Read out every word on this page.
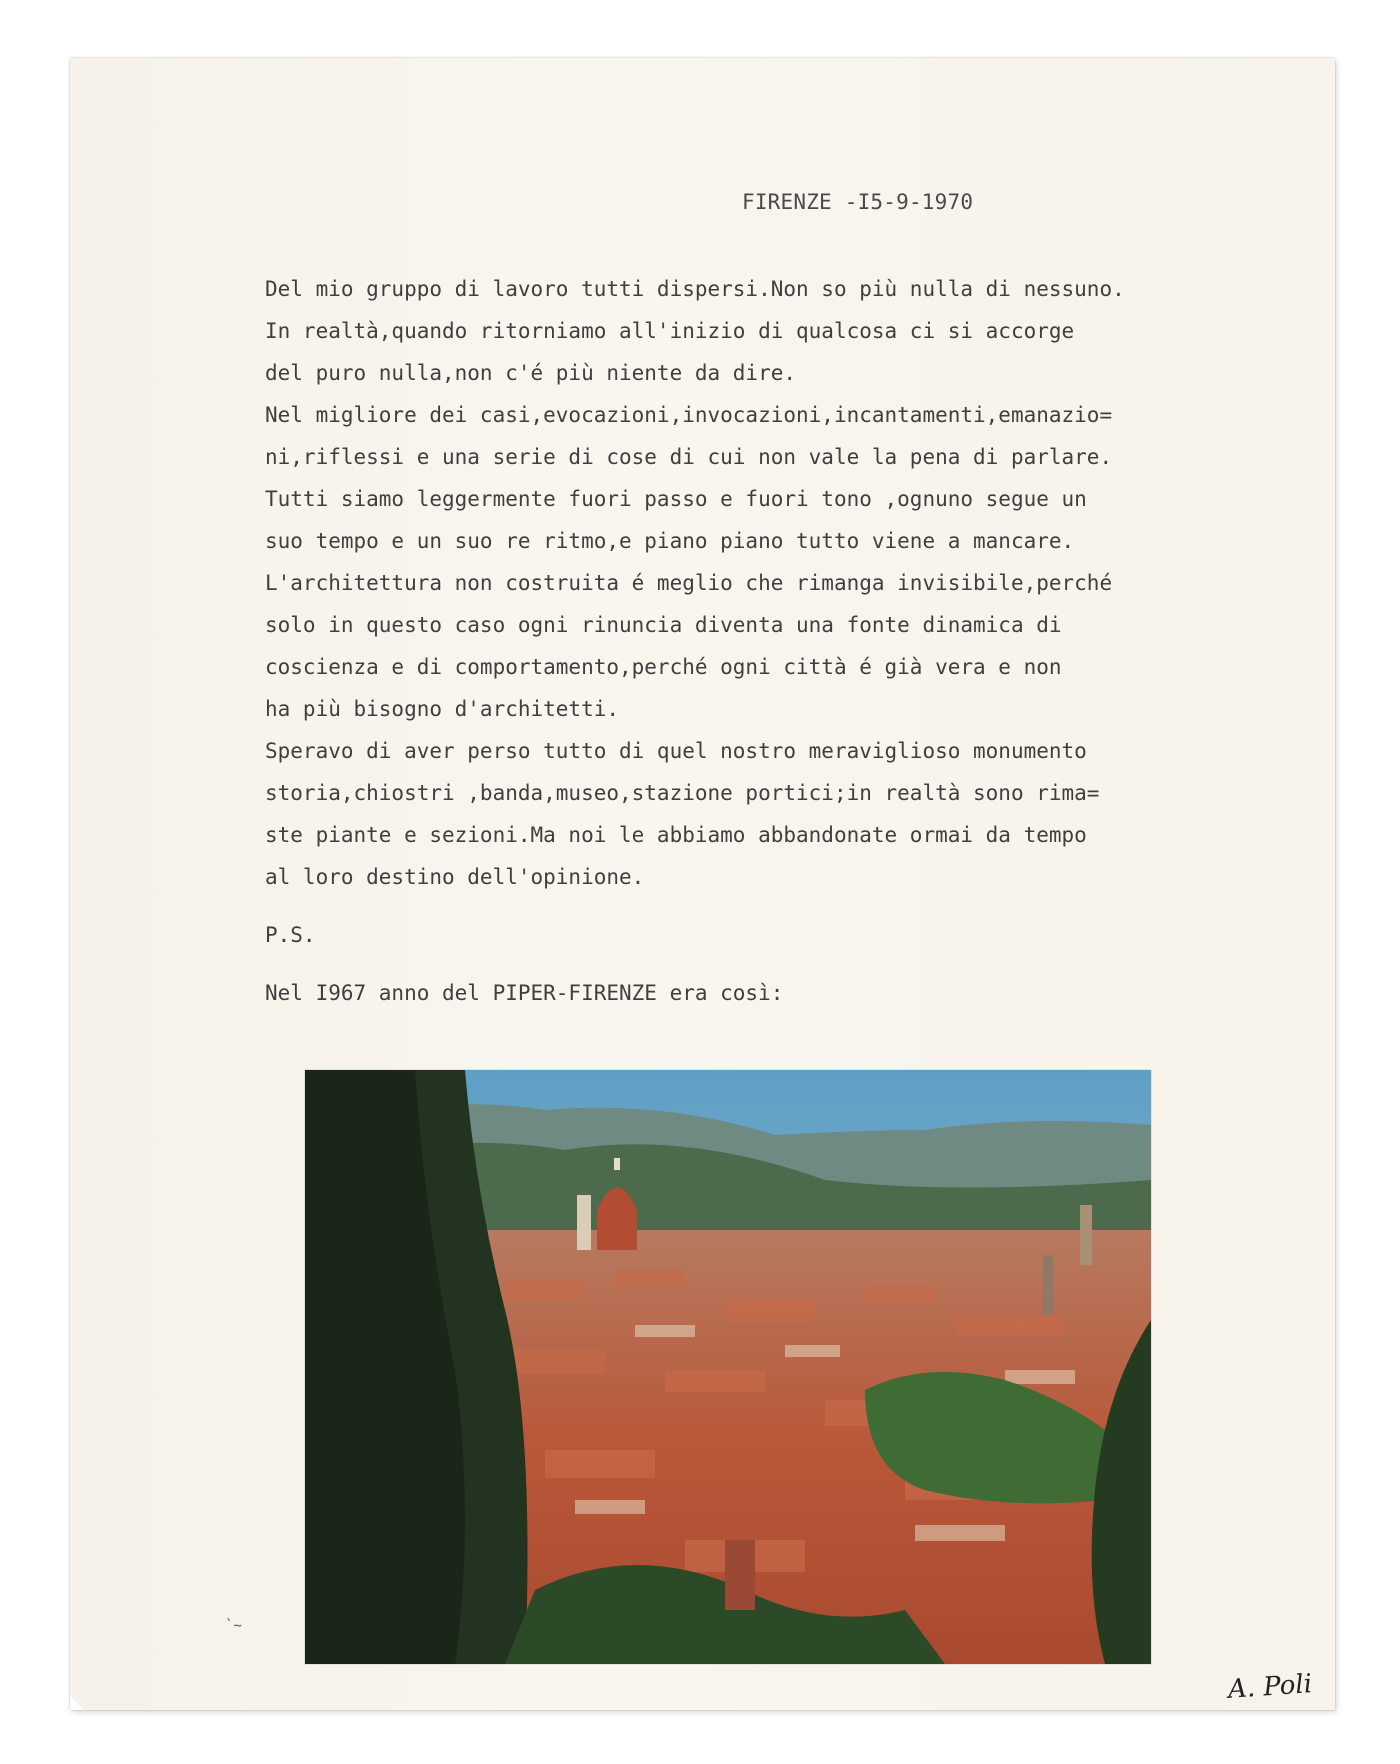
FIRENZE -I5-9-1970
Del mio gruppo di lavoro tutti dispersi.Non so più nulla di nessuno.
In realtà,quando ritorniamo all'inizio di qualcosa ci si accorge
del puro nulla,non c'é più niente da dire.
Nel migliore dei casi,evocazioni,invocazioni,incantamenti,emanazio=
ni,riflessi e una serie di cose di cui non vale la pena di parlare.
Tutti siamo leggermente fuori passo e fuori tono ,ognuno segue un
suo tempo e un suo re ritmo,e piano piano tutto viene a mancare.
L'architettura non costruita é meglio che rimanga invisibile,perché
solo in questo caso ogni rinuncia diventa una fonte dinamica di
coscienza e di comportamento,perché ogni città é già vera e non
ha più bisogno d'architetti.
Speravo di aver perso tutto di quel nostro meraviglioso monumento
storia,chiostri ,banda,museo,stazione portici;in realtà sono rima=
ste piante e sezioni.Ma noi le abbiamo abbandonate ormai da tempo
al loro destino dell'opinione.
P.S.
Nel I967 anno del PIPER-FIRENZE era così:
`~

A. Poli
